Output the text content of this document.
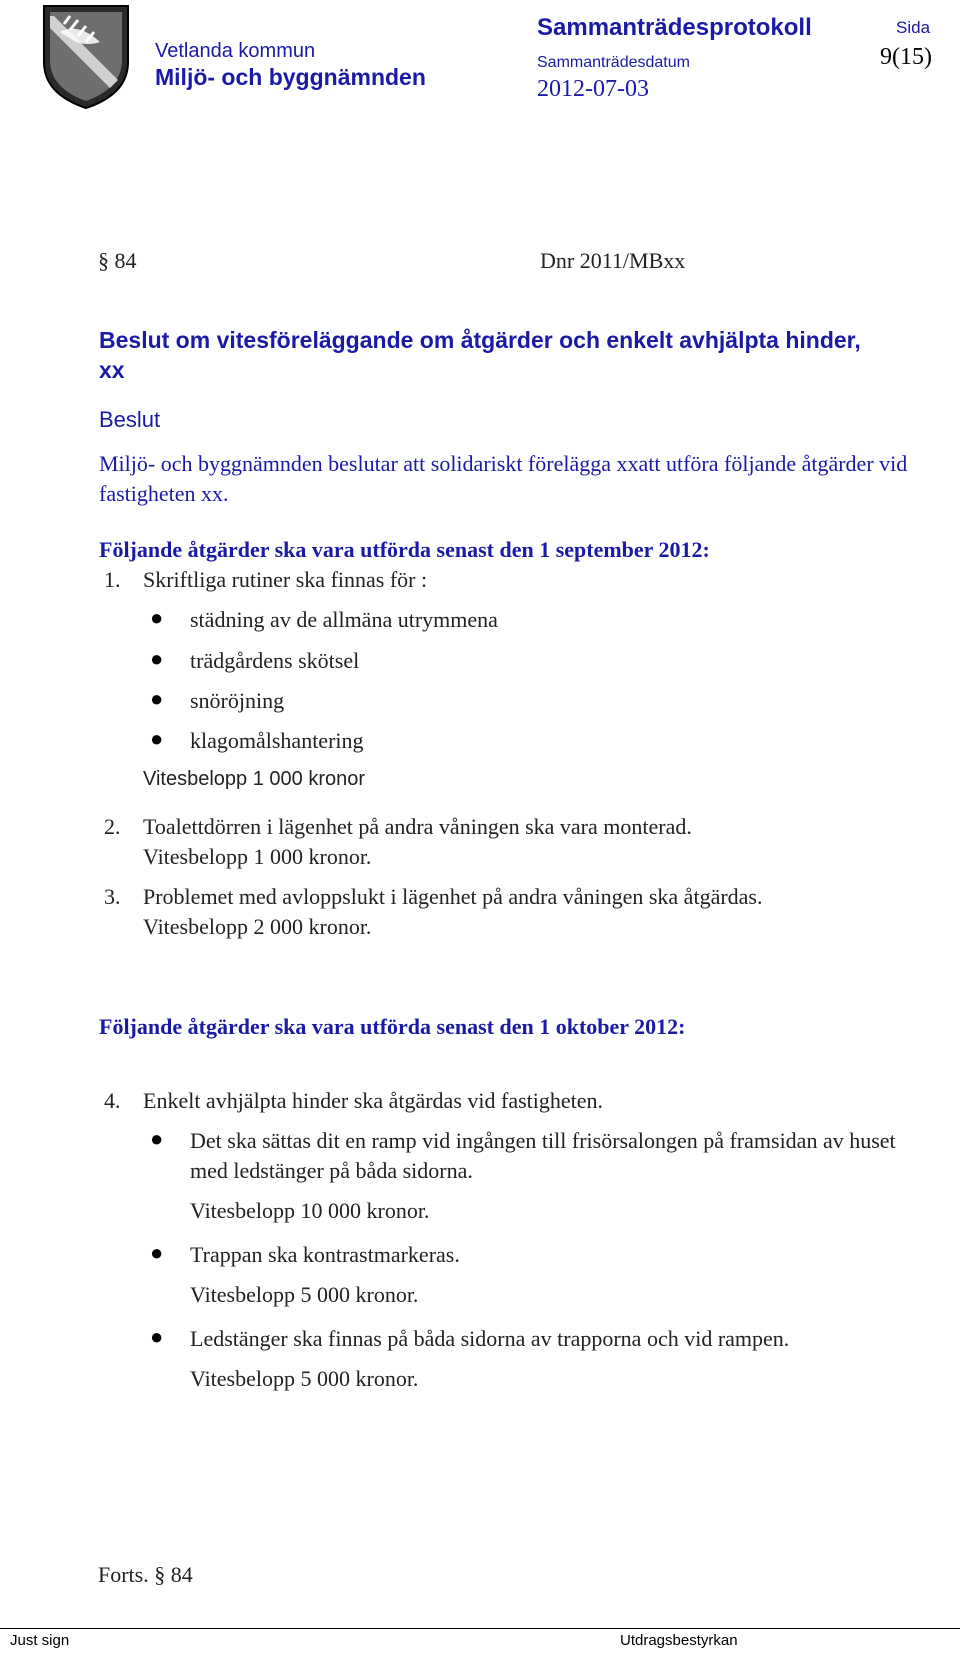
Vetlanda kommun
Miljö- och byggnämnden
Sammanträdesprotokoll
Sammanträdesdatum
2012-07-03
Sida
9(15)
§ 84	Dnr 2011/MBxx
Beslut om vitesföreläggande om åtgärder och enkelt avhjälpta hinder, xx
Beslut
Miljö- och byggnämnden beslutar att solidariskt förelägga xxatt utföra följande åtgärder vid fastigheten xx.
Följande åtgärder ska vara utförda senast den 1 september 2012:
1.	Skriftliga rutiner ska finnas för :
● städning av de allmäna utrymmena
● trädgårdens skötsel
● snöröjning
● klagomålshantering
Vitesbelopp 1 000 kronor
2.	Toalettdörren i lägenhet på andra våningen ska vara monterad.
Vitesbelopp 1 000 kronor.
3.	Problemet med avloppslukt i lägenhet på andra våningen ska åtgärdas.
Vitesbelopp 2 000 kronor.
Följande åtgärder ska vara utförda senast den 1 oktober 2012:
4.	Enkelt avhjälpta hinder ska åtgärdas vid fastigheten.
● Det ska sättas dit en ramp vid ingången till frisörsalongen på framsidan av huset med ledstänger på båda sidorna.
Vitesbelopp 10 000 kronor.
● Trappan ska kontrastmarkeras.
Vitesbelopp 5 000 kronor.
● Ledstänger ska finnas på båda sidorna av trapporna och vid rampen.
Vitesbelopp 5 000 kronor.
Forts. § 84
Just sign	Utdragsbestyrkan
